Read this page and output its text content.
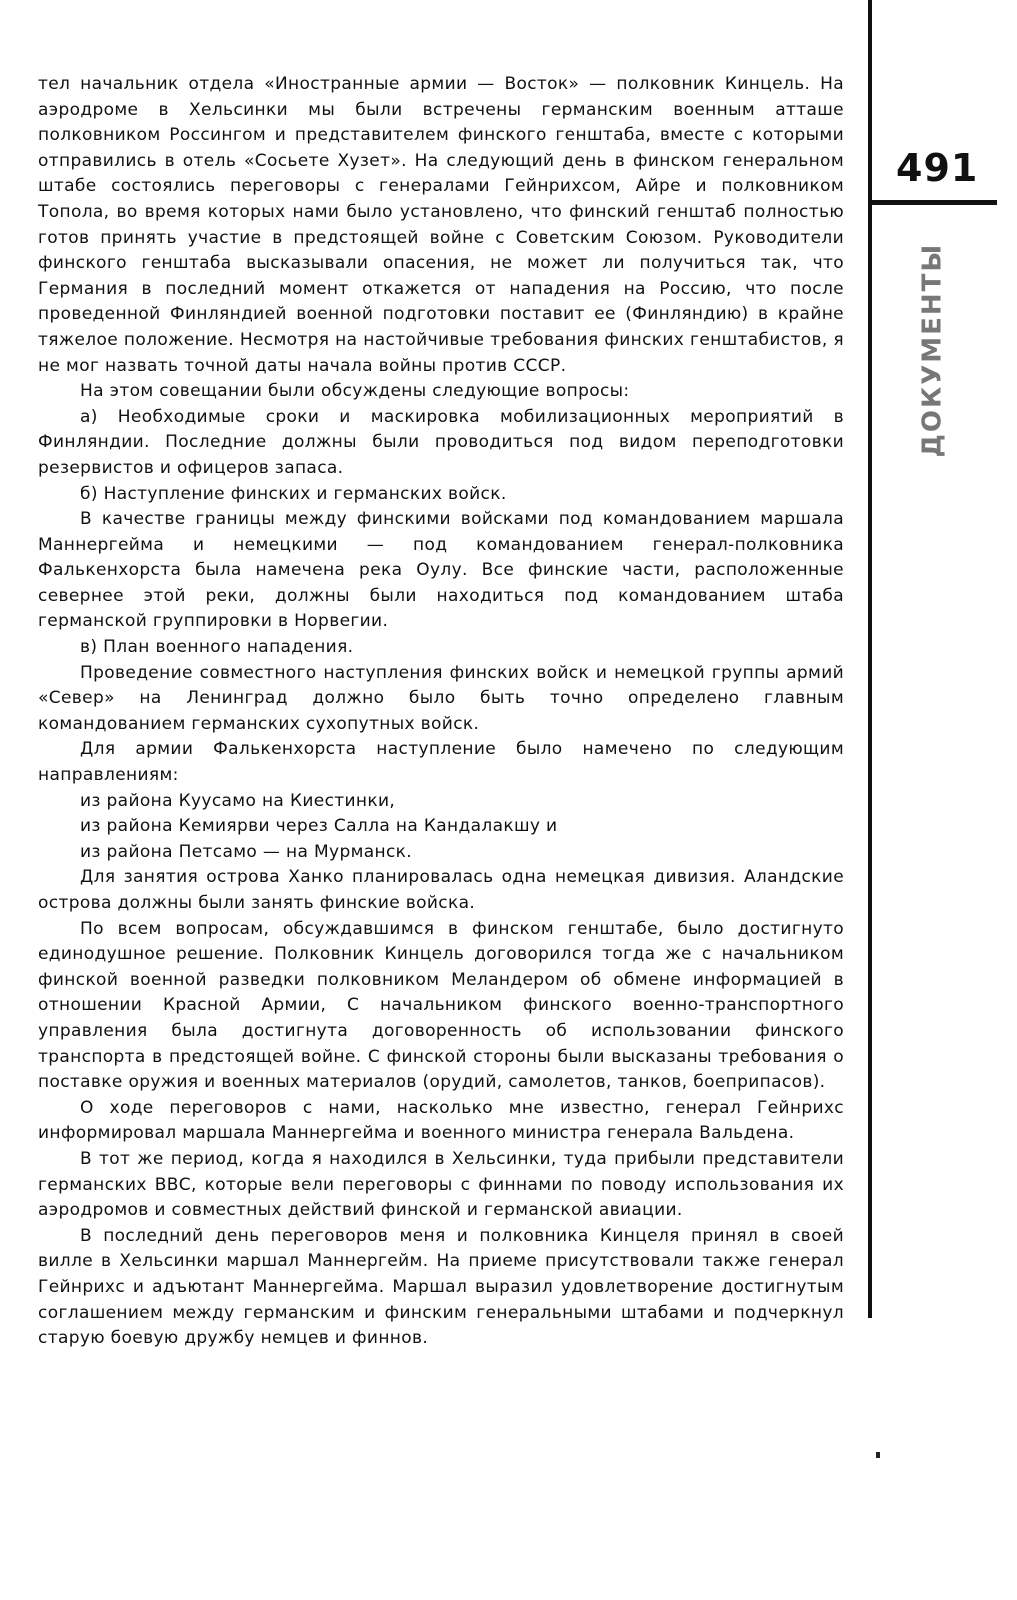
491
ДОКУМЕНТЫ

тел начальник отдела «Иностранные армии — Восток» — полковник Кинцель. На аэродроме в Хельсинки мы были встречены германским военным атташе полковником Россингом и представителем финского генштаба, вместе с которыми отправились в отель «Сосьете Хузет». На следующий день в финском генеральном штабе состоялись переговоры с генералами Гейнрихсом, Айре и полковником Топола, во время которых нами было установлено, что финский генштаб полностью готов принять участие в предстоящей войне с Советским Союзом. Руководители финского генштаба высказывали опасения, не может ли получиться так, что Германия в последний момент откажется от нападения на Россию, что после проведенной Финляндией военной подготовки поставит ее (Финляндию) в крайне тяжелое положение. Несмотря на настойчивые требования финских генштабистов, я не мог назвать точной даты начала войны против СССР.

На этом совещании были обсуждены следующие вопросы:

а) Необходимые сроки и маскировка мобилизационных мероприятий в Финляндии. Последние должны были проводиться под видом переподготовки резервистов и офицеров запаса.

б) Наступление финских и германских войск.

В качестве границы между финскими войсками под командованием маршала Маннергейма и немецкими — под командованием генерал-полковника Фалькенхорста была намечена река Оулу. Все финские части, расположенные севернее этой реки, должны были находиться под командованием штаба германской группировки в Норвегии.

в) План военного нападения.

Проведение совместного наступления финских войск и немецкой группы армий «Север» на Ленинград должно было быть точно определено главным командованием германских сухопутных войск.

Для армии Фалькенхорста наступление было намечено по следующим направлениям:

из района Куусамо на Киестинки,

из района Кемиярви через Салла на Кандалакшу и

из района Петсамо — на Мурманск.

Для занятия острова Ханко планировалась одна немецкая дивизия. Аландские острова должны были занять финские войска.

По всем вопросам, обсуждавшимся в финском генштабе, было достигнуто единодушное решение. Полковник Кинцель договорился тогда же с начальником финской военной разведки полковником Меландером об обмене информацией в отношении Красной Армии, С начальником финского военно-транспортного управления была достигнута договоренность об использовании финского транспорта в предстоящей войне. С финской стороны были высказаны требования о поставке оружия и военных материалов (орудий, самолетов, танков, боеприпасов).

О ходе переговоров с нами, насколько мне известно, генерал Гейнрихс информировал маршала Маннергейма и военного министра генерала Вальдена.

В тот же период, когда я находился в Хельсинки, туда прибыли представители германских ВВС, которые вели переговоры с финнами по поводу использования их аэродромов и совместных действий финской и германской авиации.

В последний день переговоров меня и полковника Кинцеля принял в своей вилле в Хельсинки маршал Маннергейм. На приеме присутствовали также генерал Гейнрихс и адъютант Маннергейма. Маршал выразил удовлетворение достигнутым соглашением между германским и финским генеральными штабами и подчеркнул старую боевую дружбу немцев и финнов.
